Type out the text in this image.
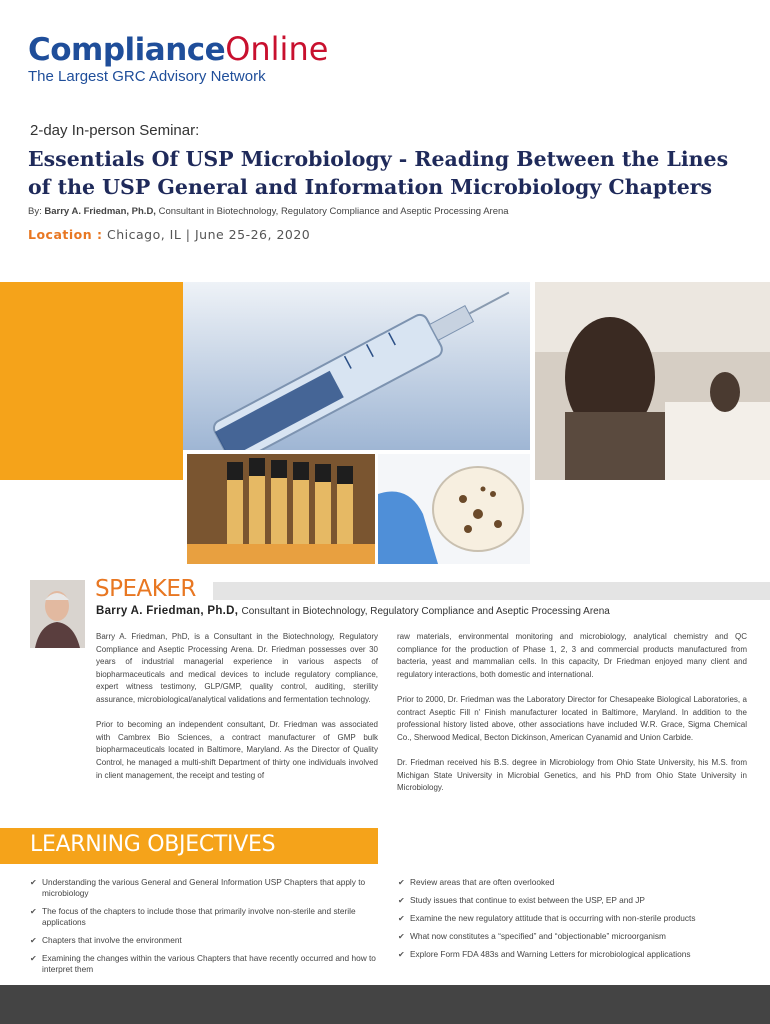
Compliance O nline
The Largest GRC Advisory Network
2-day In-person Seminar:
Essentials Of USP Microbiology - Reading Between the Lines of the USP General and Information Microbiology Chapters
By: Barry A. Friedman, Ph.D, Consultant in Biotechnology, Regulatory Compliance and Aseptic Processing Arena
Location : Chicago, IL | June 25-26, 2020
SPEAKER
Barry A. Friedman, Ph.D, Consultant in Biotechnology, Regulatory Compliance and Aseptic Processing Arena

Barry A. Friedman, PhD, is a Consultant in the Biotechnology, Regulatory Compliance and Aseptic Processing Arena. Dr. Friedman possesses over 30 years of industrial managerial experience in various aspects of biopharmaceuticals and medical devices to include regulatory compliance, expert witness testimony, GLP/GMP, quality control, auditing, sterility assurance, microbiological/analytical validations and fermentation technology.

Prior to becoming an independent consultant, Dr. Friedman was associated with Cambrex Bio Sciences, a contract manufacturer of GMP bulk biopharmaceuticals located in Baltimore, Maryland. As the Director of Quality Control, he managed a multi-shift Department of thirty one individuals involved in client management, the receipt and testing of

raw materials, environmental monitoring and microbiology, analytical chemistry and QC compliance for the production of Phase 1, 2, 3 and commercial products manufactured from bacteria, yeast and mammalian cells. In this capacity, Dr Friedman enjoyed many client and regulatory interactions, both domestic and international.

Prior to 2000, Dr. Friedman was the Laboratory Director for Chesapeake Biological Laboratories, a contract Aseptic Fill n' Finish manufacturer located in Baltimore, Maryland. In addition to the professional history listed above, other associations have included W.R. Grace, Sigma Chemical Co., Sherwood Medical, Becton Dickinson, American Cyanamid and Union Carbide.

Dr. Friedman received his B.S. degree in Microbiology from Ohio State University, his M.S. from Michigan State University in Microbial Genetics, and his PhD from Ohio State University in Microbiology.

LEARNING OBJECTIVES
✔ Understanding the various General and General Information USP Chapters that apply to microbiology
✔ The focus of the chapters to include those that primarily involve non-sterile and sterile applications
✔ Chapters that involve the environment
✔ Examining the changes within the various Chapters that have recently occurred and how to interpret them
✔ Review areas that are often overlooked
✔ Study issues that continue to exist between the USP, EP and JP
✔ Examine the new regulatory attitude that is occurring with non-sterile products
✔ What now constitutes a “specified” and “objectionable” microorganism
✔ Explore Form FDA 483s and Warning Letters for microbiological applications
